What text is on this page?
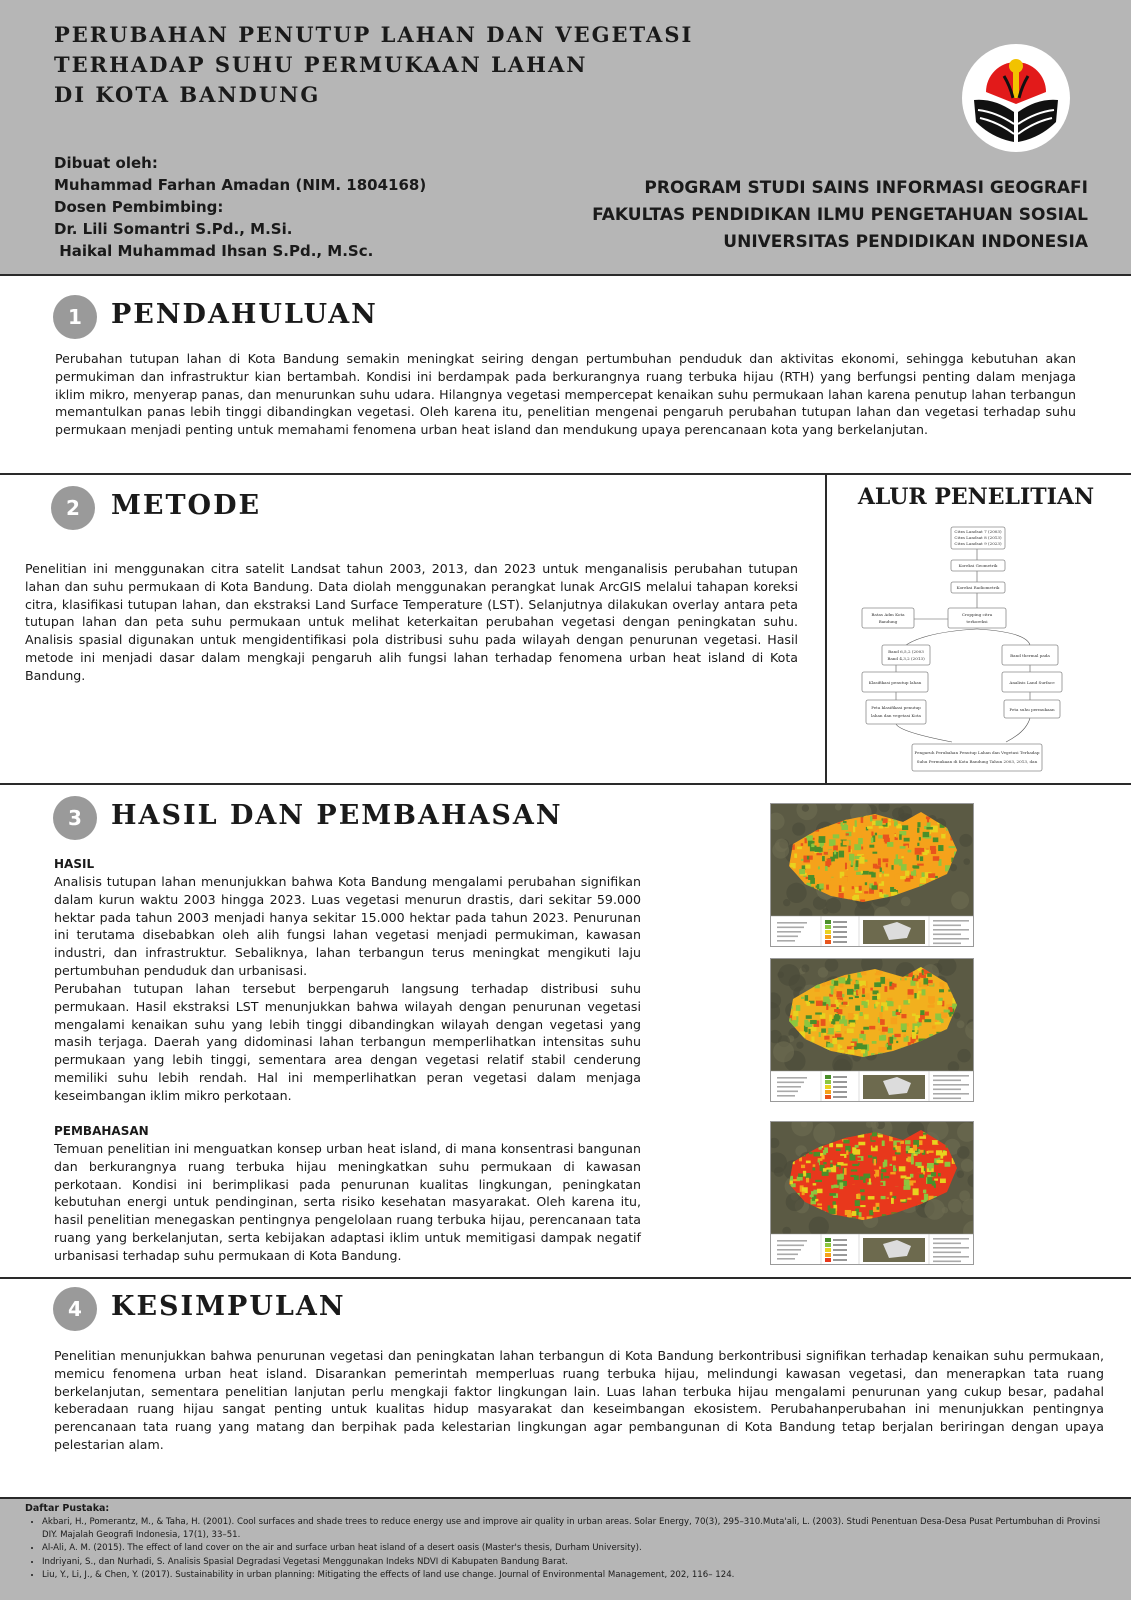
PERUBAHAN PENUTUP LAHAN DAN VEGETASI
TERHADAP SUHU PERMUKAAN LAHAN
DI KOTA BANDUNG
Dibuat oleh:
Muhammad Farhan Amadan (NIM. 1804168)
Dosen Pembimbing:
Dr. Lili Somantri S.Pd., M.Si.
Haikal Muhammad Ihsan S.Pd., M.Sc.
PROGRAM STUDI SAINS INFORMASI GEOGRAFI
FAKULTAS PENDIDIKAN ILMU PENGETAHUAN SOSIAL
UNIVERSITAS PENDIDIKAN INDONESIA
1	PENDAHULUAN
Perubahan tutupan lahan di Kota Bandung semakin meningkat seiring dengan pertumbuhan penduduk dan aktivitas ekonomi, sehingga kebutuhan akan permukiman dan infrastruktur kian bertambah. Kondisi ini berdampak pada berkurangnya ruang terbuka hijau (RTH) yang berfungsi penting dalam menjaga iklim mikro, menyerap panas, dan menurunkan suhu udara. Hilangnya vegetasi mempercepat kenaikan suhu permukaan lahan karena penutup lahan terbangun memantulkan panas lebih tinggi dibandingkan vegetasi. Oleh karena itu, penelitian mengenai pengaruh perubahan tutupan lahan dan vegetasi terhadap suhu permukaan menjadi penting untuk memahami fenomena urban heat island dan mendukung upaya perencanaan kota yang berkelanjutan.
2	METODE
Penelitian ini menggunakan citra satelit Landsat tahun 2003, 2013, dan 2023 untuk menganalisis perubahan tutupan lahan dan suhu permukaan di Kota Bandung. Data diolah menggunakan perangkat lunak ArcGIS melalui tahapan koreksi citra, klasifikasi tutupan lahan, dan ekstraksi Land Surface Temperature (LST). Selanjutnya dilakukan overlay antara peta tutupan lahan dan peta suhu permukaan untuk melihat keterkaitan perubahan vegetasi dengan peningkatan suhu. Analisis spasial digunakan untuk mengidentifikasi pola distribusi suhu pada wilayah dengan penurunan vegetasi. Hasil metode ini menjadi dasar dalam mengkaji pengaruh alih fungsi lahan terhadap fenomena urban heat island di Kota Bandung.
ALUR PENELITIAN
Citra Landsat 7 (2003)
Citra Landsat 8 (2013)
Citra Landsat 9 (2023)
Koreksi Geometrik
Koreksi Radiometrik
Batas Adm Kota
Bandung
Cropping citra
terkoreksi
Band 6,5,2 (2003
Band 4,3,2 (2013)
Band thermal pada
Klasifikasi penutup lahan	Analisis Land Surface
Peta klasifikasi penutup
lahan dan vegetasi Kota
Peta suhu permukaan
Pengaruh Perubahan Penutup Lahan dan Vegetasi Terhadap
Suhu Permukaan di Kota Bandung Tahun 2003, 2013, dan
3	HASIL DAN PEMBAHASAN
HASIL
Analisis tutupan lahan menunjukkan bahwa Kota Bandung mengalami perubahan signifikan dalam kurun waktu 2003 hingga 2023. Luas vegetasi menurun drastis, dari sekitar 59.000 hektar pada tahun 2003 menjadi hanya sekitar 15.000 hektar pada tahun 2023. Penurunan ini terutama disebabkan oleh alih fungsi lahan vegetasi menjadi permukiman, kawasan industri, dan infrastruktur. Sebaliknya, lahan terbangun terus meningkat mengikuti laju pertumbuhan penduduk dan urbanisasi.
Perubahan tutupan lahan tersebut berpengaruh langsung terhadap distribusi suhu permukaan. Hasil ekstraksi LST menunjukkan bahwa wilayah dengan penurunan vegetasi mengalami kenaikan suhu yang lebih tinggi dibandingkan wilayah dengan vegetasi yang masih terjaga. Daerah yang didominasi lahan terbangun memperlihatkan intensitas suhu permukaan yang lebih tinggi, sementara area dengan vegetasi relatif stabil cenderung memiliki suhu lebih rendah. Hal ini memperlihatkan peran vegetasi dalam menjaga keseimbangan iklim mikro perkotaan.
PEMBAHASAN
Temuan penelitian ini menguatkan konsep urban heat island, di mana konsentrasi bangunan dan berkurangnya ruang terbuka hijau meningkatkan suhu permukaan di kawasan perkotaan. Kondisi ini berimplikasi pada penurunan kualitas lingkungan, peningkatan kebutuhan energi untuk pendinginan, serta risiko kesehatan masyarakat. Oleh karena itu, hasil penelitian menegaskan pentingnya pengelolaan ruang terbuka hijau, perencanaan tata ruang yang berkelanjutan, serta kebijakan adaptasi iklim untuk memitigasi dampak negatif urbanisasi terhadap suhu permukaan di Kota Bandung.
4	KESIMPULAN
Penelitian menunjukkan bahwa penurunan vegetasi dan peningkatan lahan terbangun di Kota Bandung berkontribusi signifikan terhadap kenaikan suhu permukaan, memicu fenomena urban heat island. Disarankan pemerintah memperluas ruang terbuka hijau, melindungi kawasan vegetasi, dan menerapkan tata ruang berkelanjutan, sementara penelitian lanjutan perlu mengkaji faktor lingkungan lain. Luas lahan terbuka hijau mengalami penurunan yang cukup besar, padahal keberadaan ruang hijau sangat penting untuk kualitas hidup masyarakat dan keseimbangan ekosistem. Perubahanperubahan ini menunjukkan pentingnya perencanaan tata ruang yang matang dan berpihak pada kelestarian lingkungan agar pembangunan di Kota Bandung tetap berjalan beriringan dengan upaya pelestarian alam.
Daftar Pustaka:
• Akbari, H., Pomerantz, M., & Taha, H. (2001). Cool surfaces and shade trees to reduce energy use and improve air quality in urban areas. Solar Energy, 70(3), 295–310.Muta'ali, L. (2003). Studi Penentuan Desa-Desa Pusat Pertumbuhan di Provinsi DIY. Majalah Geografi Indonesia, 17(1), 33–51.
• Al-Ali, A. M. (2015). The effect of land cover on the air and surface urban heat island of a desert oasis (Master's thesis, Durham University).
• Indriyani, S., dan Nurhadi, S. Analisis Spasial Degradasi Vegetasi Menggunakan Indeks NDVI di Kabupaten Bandung Barat.
• Liu, Y., Li, J., & Chen, Y. (2017). Sustainability in urban planning: Mitigating the effects of land use change. Journal of Environmental Management, 202, 116– 124.
